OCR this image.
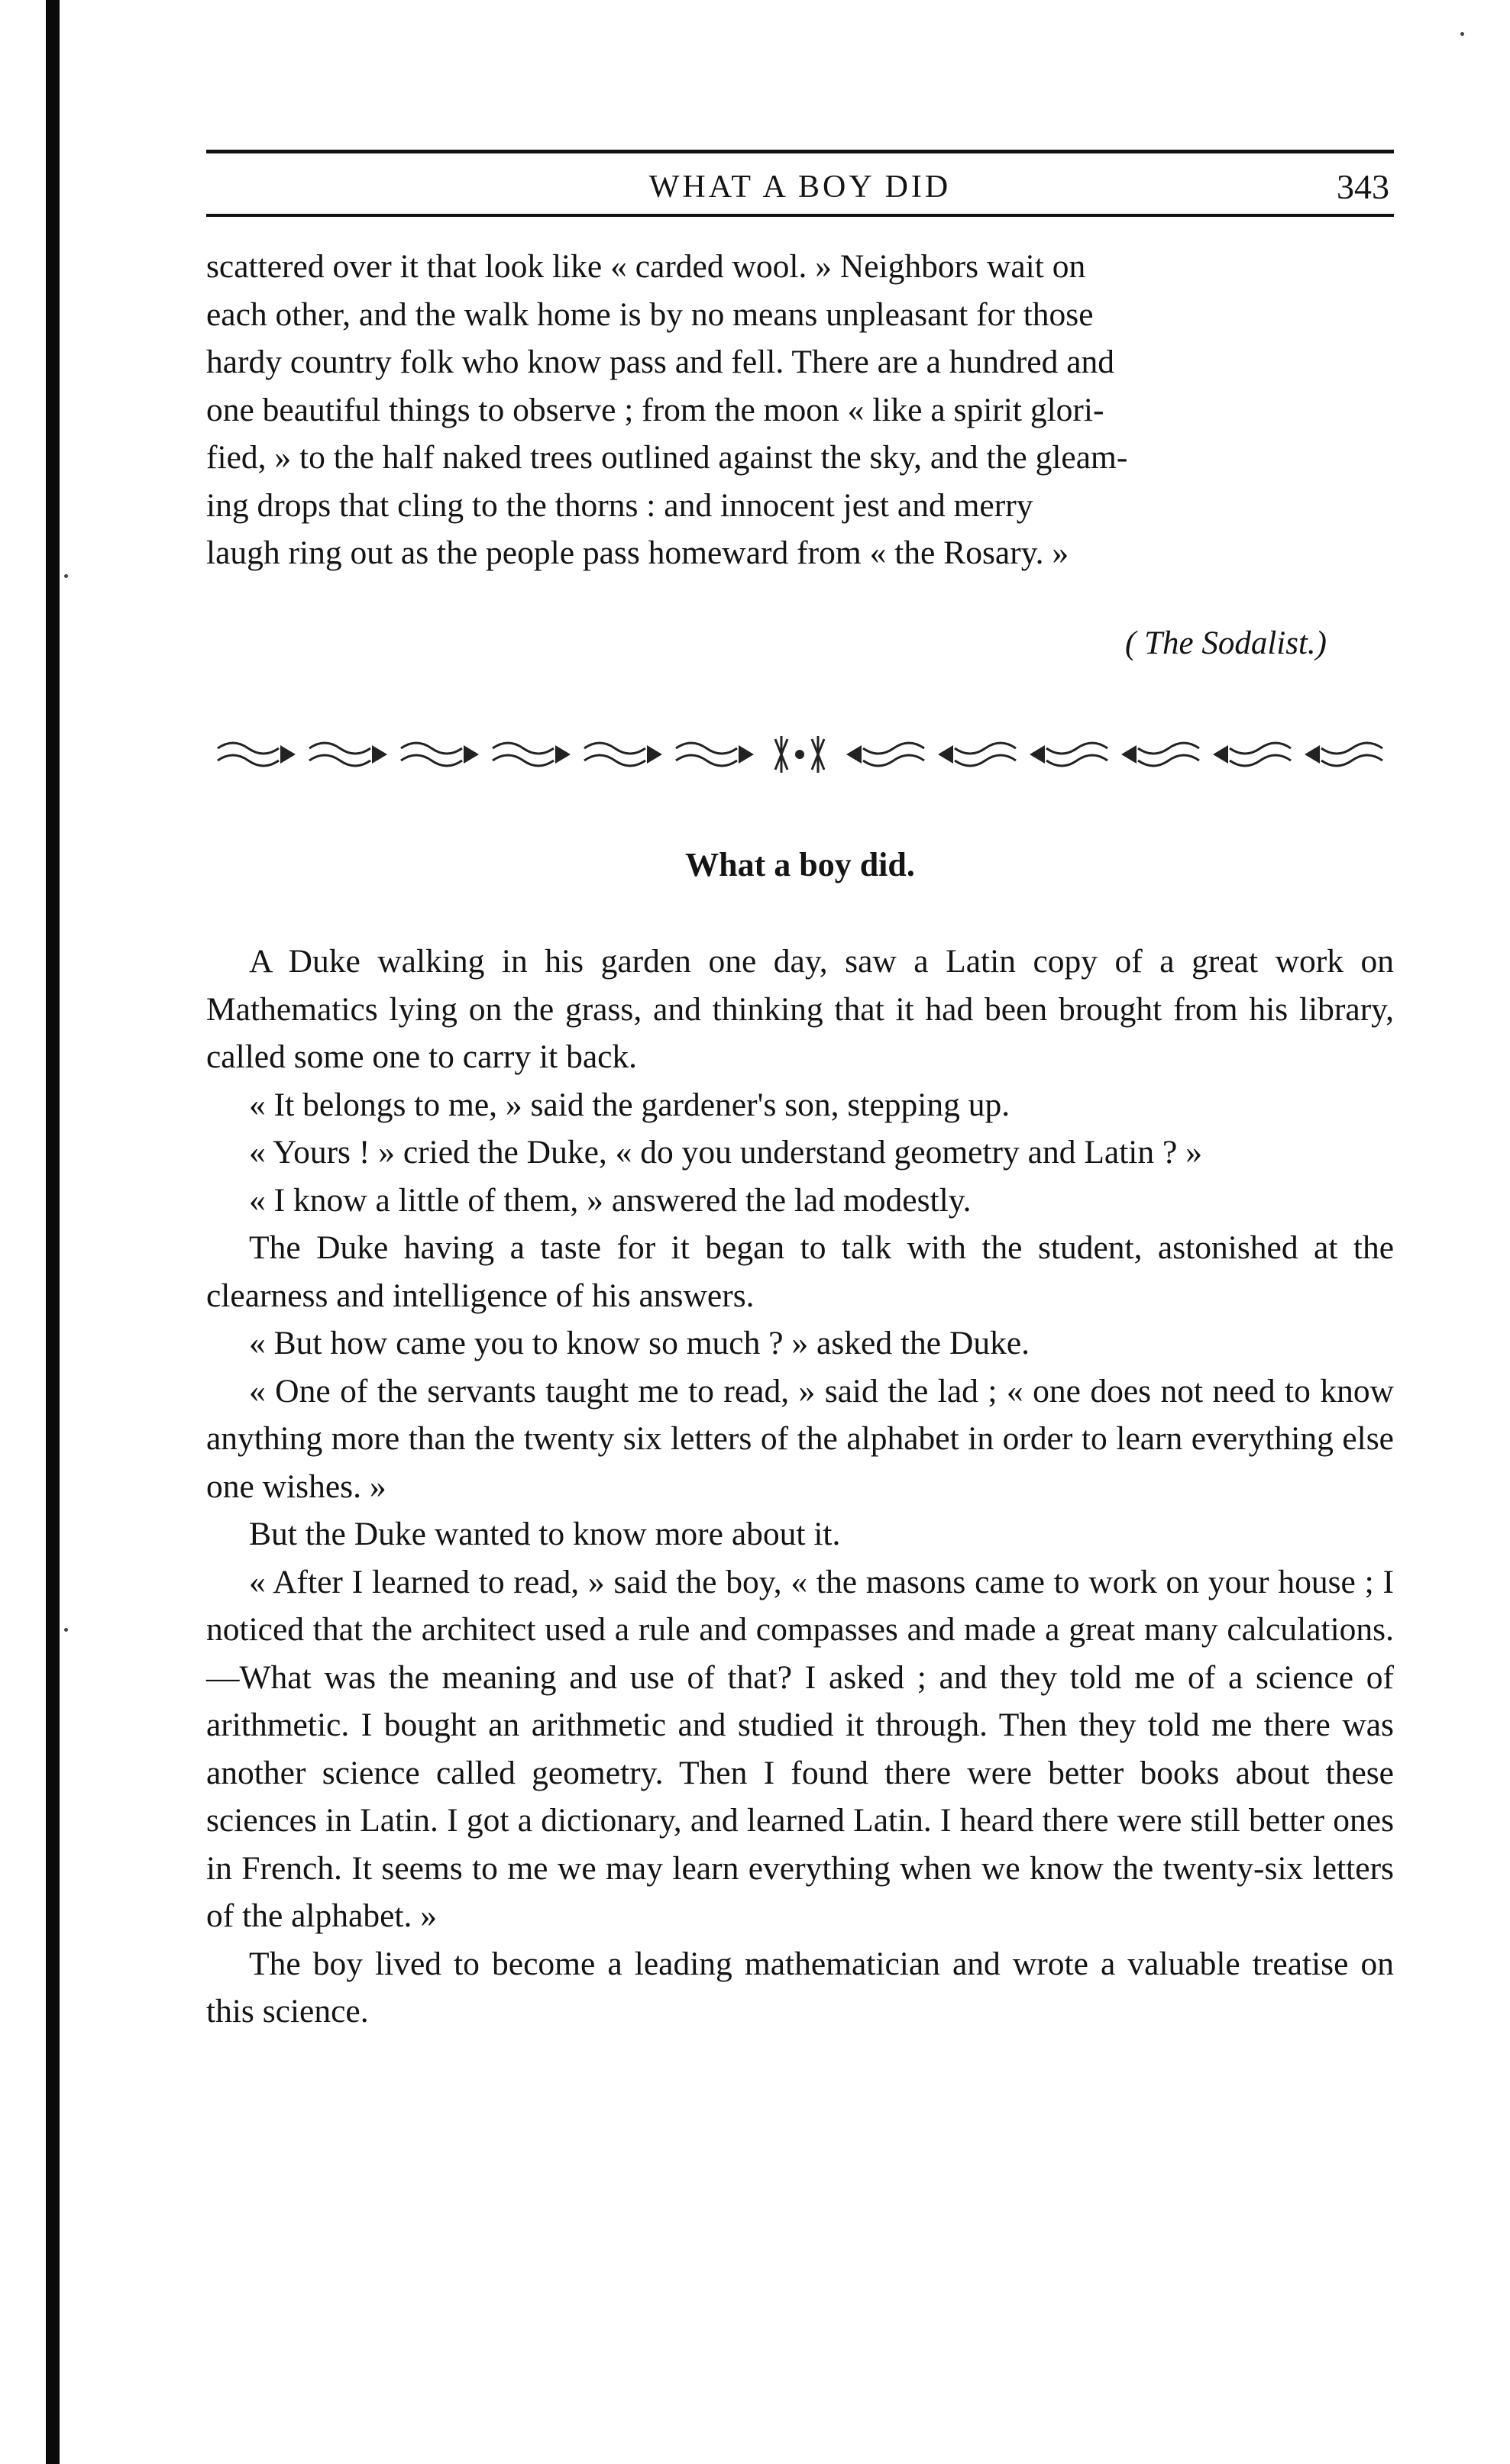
WHAT A BOY DID	343

scattered over it that look like « carded wool. » Neighbors wait on

each other, and the walk home is by no means unpleasant for those

hardy country folk who know pass and fell. There are a hundred and

one beautiful things to observe ; from the moon « like a spirit glori-

fied, » to the half naked trees outlined against the sky, and the gleam-

ing drops that cling to the thorns : and innocent jest and merry

laugh ring out as the people pass homeward from « the Rosary. »

( The Sodalist.)
What a boy did.

A Duke walking in his garden one day, saw a Latin copy of a great work on Mathematics lying on the grass, and thinking that it had been brought from his library, called some one to carry it back.

« It belongs to me, » said the gardener's son, stepping up.

« Yours ! » cried the Duke, « do you understand geometry and Latin ? »

« I know a little of them, » answered the lad modestly.

The Duke having a taste for it began to talk with the student, astonished at the clearness and intelligence of his answers.

« But how came you to know so much ? » asked the Duke.

« One of the servants taught me to read, » said the lad ; « one does not need to know anything more than the twenty six letters of the alphabet in order to learn everything else one wishes. »

But the Duke wanted to know more about it.

« After I learned to read, » said the boy, « the masons came to work on your house ; I noticed that the architect used a rule and compasses and made a great many calculations.—What was the meaning and use of that? I asked ; and they told me of a science of arithmetic. I bought an arithmetic and studied it through. Then they told me there was another science called geometry. Then I found there were better books about these sciences in Latin. I got a dictionary, and learned Latin. I heard there were still better ones in French. It seems to me we may learn everything when we know the twenty-six letters of the alphabet. »

The boy lived to become a leading mathematician and wrote a valuable treatise on this science.
